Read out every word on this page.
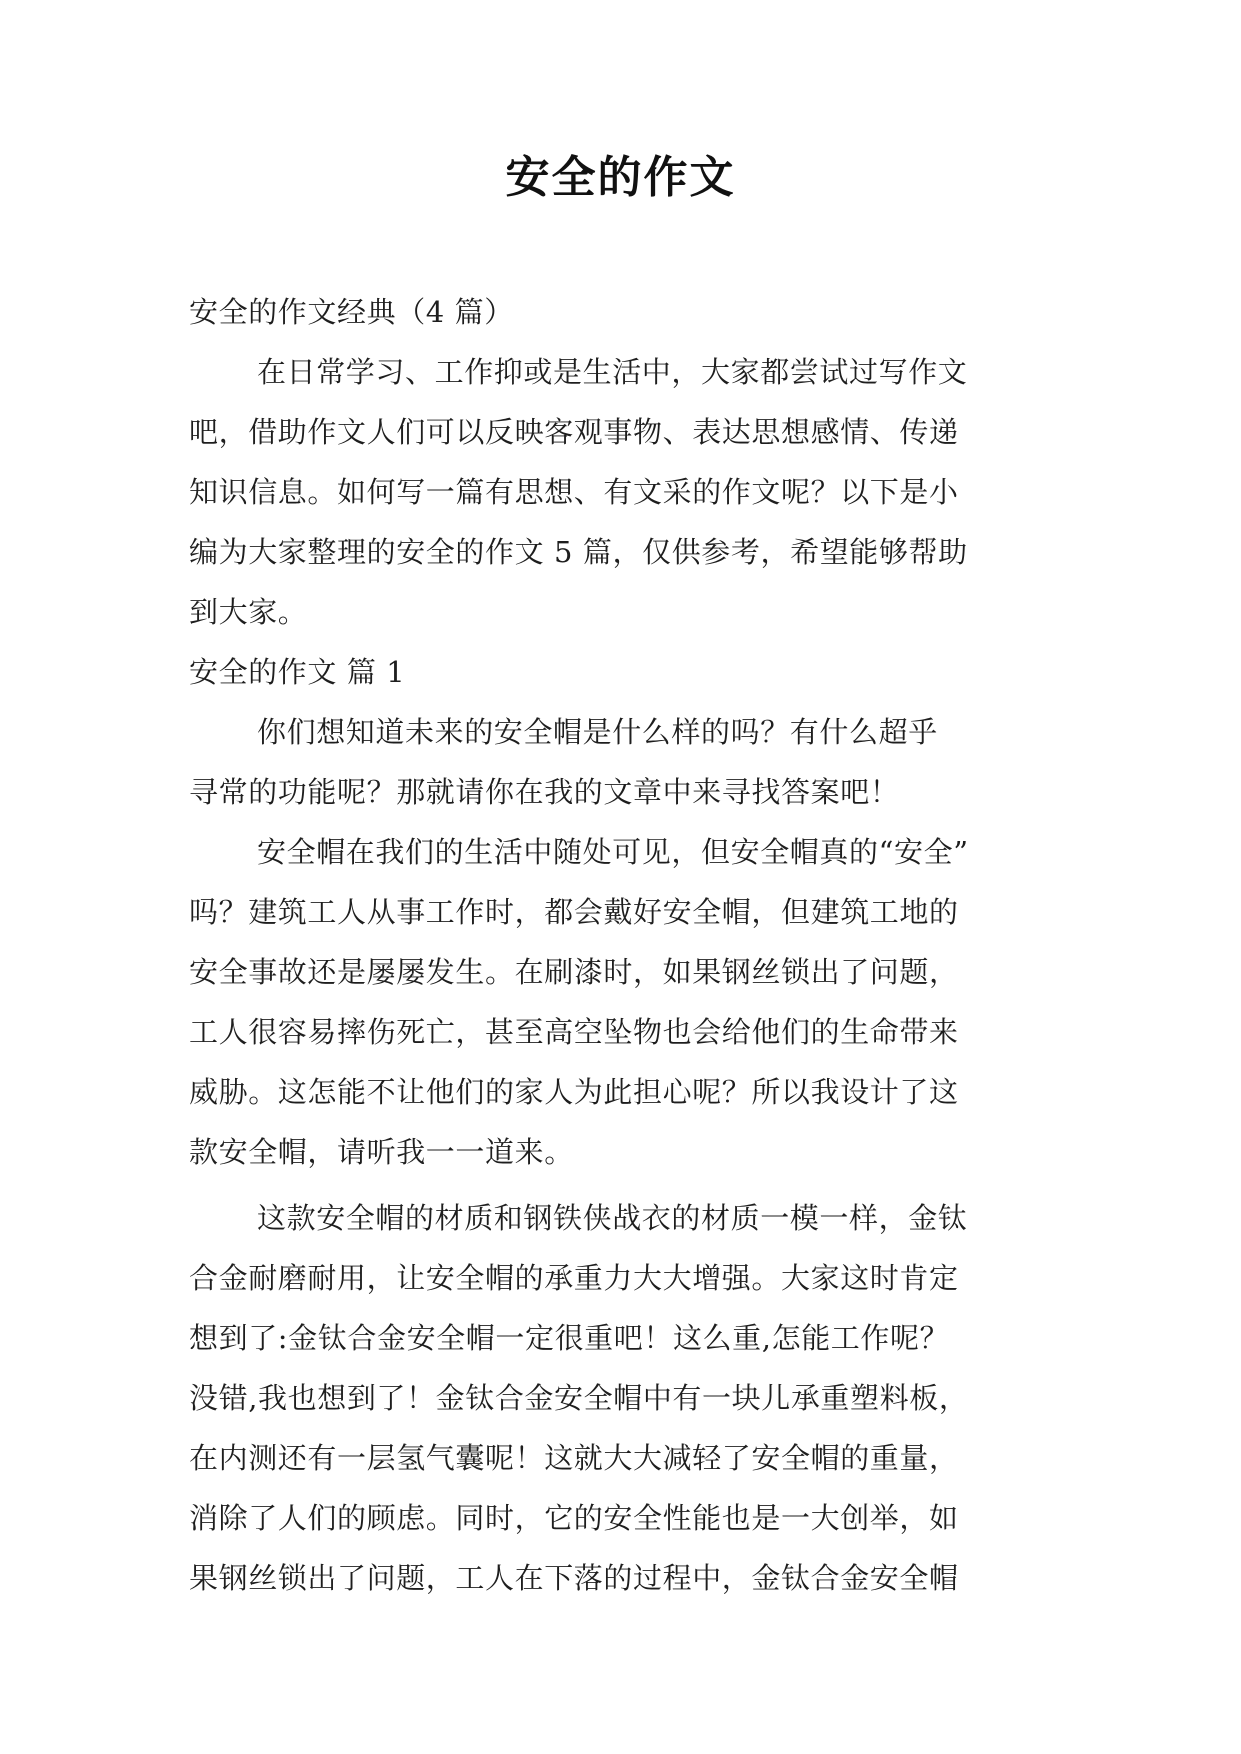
安全的作文
安全的作文经典（4 篇）
在日常学习、工作抑或是生活中，大家都尝试过写作文
吧，借助作文人们可以反映客观事物、表达思想感情、传递
知识信息。如何写一篇有思想、有文采的作文呢？以下是小
编为大家整理的安全的作文 5 篇，仅供参考，希望能够帮助
到大家。
安全的作文 篇 1
你们想知道未来的安全帽是什么样的吗？有什么超乎
寻常的功能呢？那就请你在我的文章中来寻找答案吧！
安全帽在我们的生活中随处可见，但安全帽真的“安全”
吗？建筑工人从事工作时，都会戴好安全帽，但建筑工地的
安全事故还是屡屡发生。在刷漆时，如果钢丝锁出了问题，
工人很容易摔伤死亡，甚至高空坠物也会给他们的生命带来
威胁。这怎能不让他们的家人为此担心呢？所以我设计了这
款安全帽，请听我一一道来。
这款安全帽的材质和钢铁侠战衣的材质一模一样，金钛
合金耐磨耐用，让安全帽的承重力大大增强。大家这时肯定
想到了:金钛合金安全帽一定很重吧！这么重,怎能工作呢？
没错,我也想到了！金钛合金安全帽中有一块儿承重塑料板，
在内测还有一层氢气囊呢！这就大大减轻了安全帽的重量，
消除了人们的顾虑。同时，它的安全性能也是一大创举，如
果钢丝锁出了问题，工人在下落的过程中，金钛合金安全帽
